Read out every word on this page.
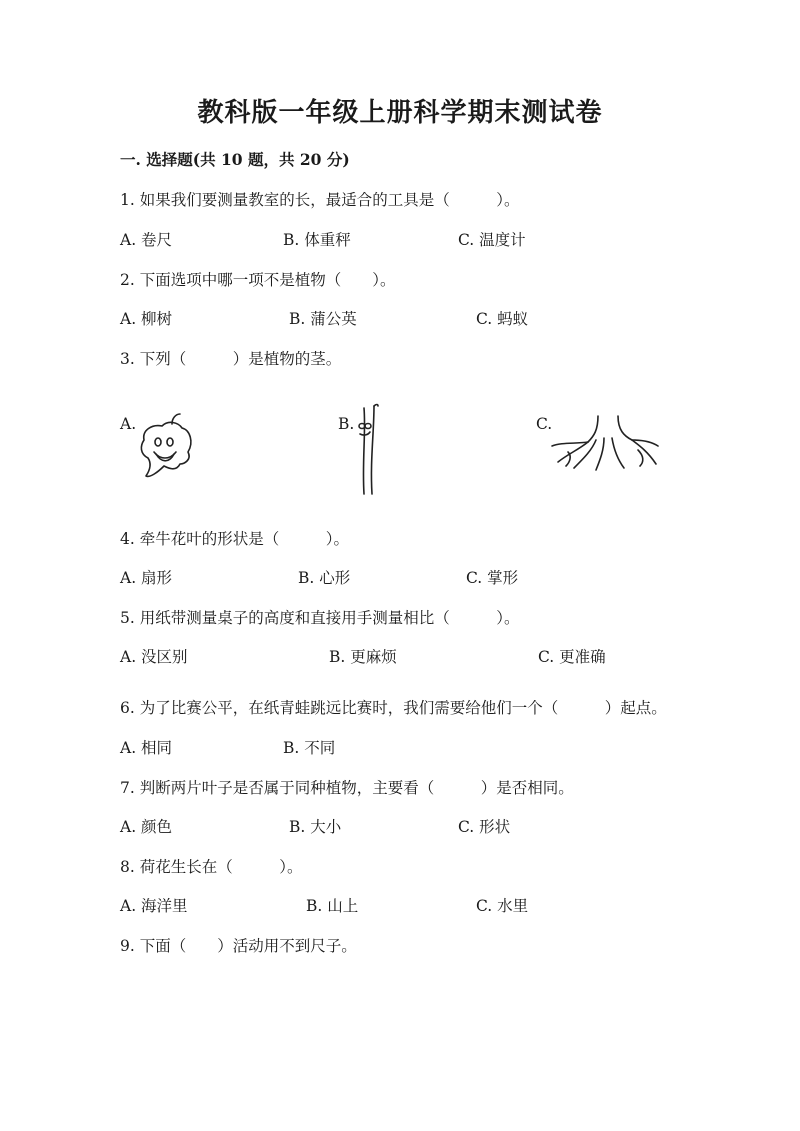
教科版一年级上册科学期末测试卷
一. 选择题(共 10 题，共 20 分)
1. 如果我们要测量教室的长，最适合的工具是（　　　）。
A. 卷尺	B. 体重秤	C. 温度计
2. 下面选项中哪一项不是植物（　　）。
A. 柳树	B. 蒲公英	C. 蚂蚁
3. 下列（　　　）是植物的茎。
A.	B.	C.
4. 牵牛花叶的形状是（　　　）。
A. 扇形	B. 心形	C. 掌形
5. 用纸带测量桌子的高度和直接用手测量相比（　　　）。
A. 没区别	B. 更麻烦	C. 更准确
6. 为了比赛公平，在纸青蛙跳远比赛时，我们需要给他们一个（　　　）起点。
A. 相同	B. 不同
7. 判断两片叶子是否属于同种植物，主要看（　　　）是否相同。
A. 颜色	B. 大小	C. 形状
8. 荷花生长在（　　　）。
A. 海洋里	B. 山上	C. 水里
9. 下面（　　）活动用不到尺子。
